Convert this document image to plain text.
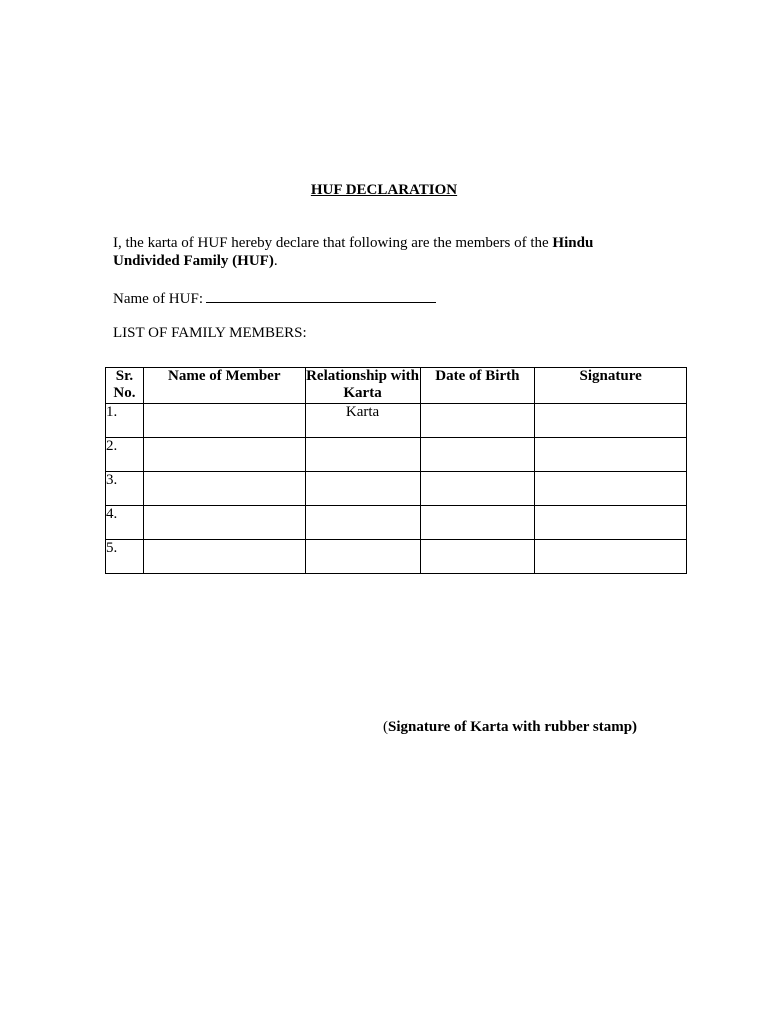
HUF DECLARATION
I, the karta of HUF hereby declare that following are the members of the Hindu Undivided Family (HUF).
Name of HUF:
LIST OF FAMILY MEMBERS:
Sr. No.	Name of Member	Relationship with Karta	Date of Birth	Signature
1.		Karta		
2.				
3.				
4.				
5.				
(Signature of Karta with rubber stamp)
